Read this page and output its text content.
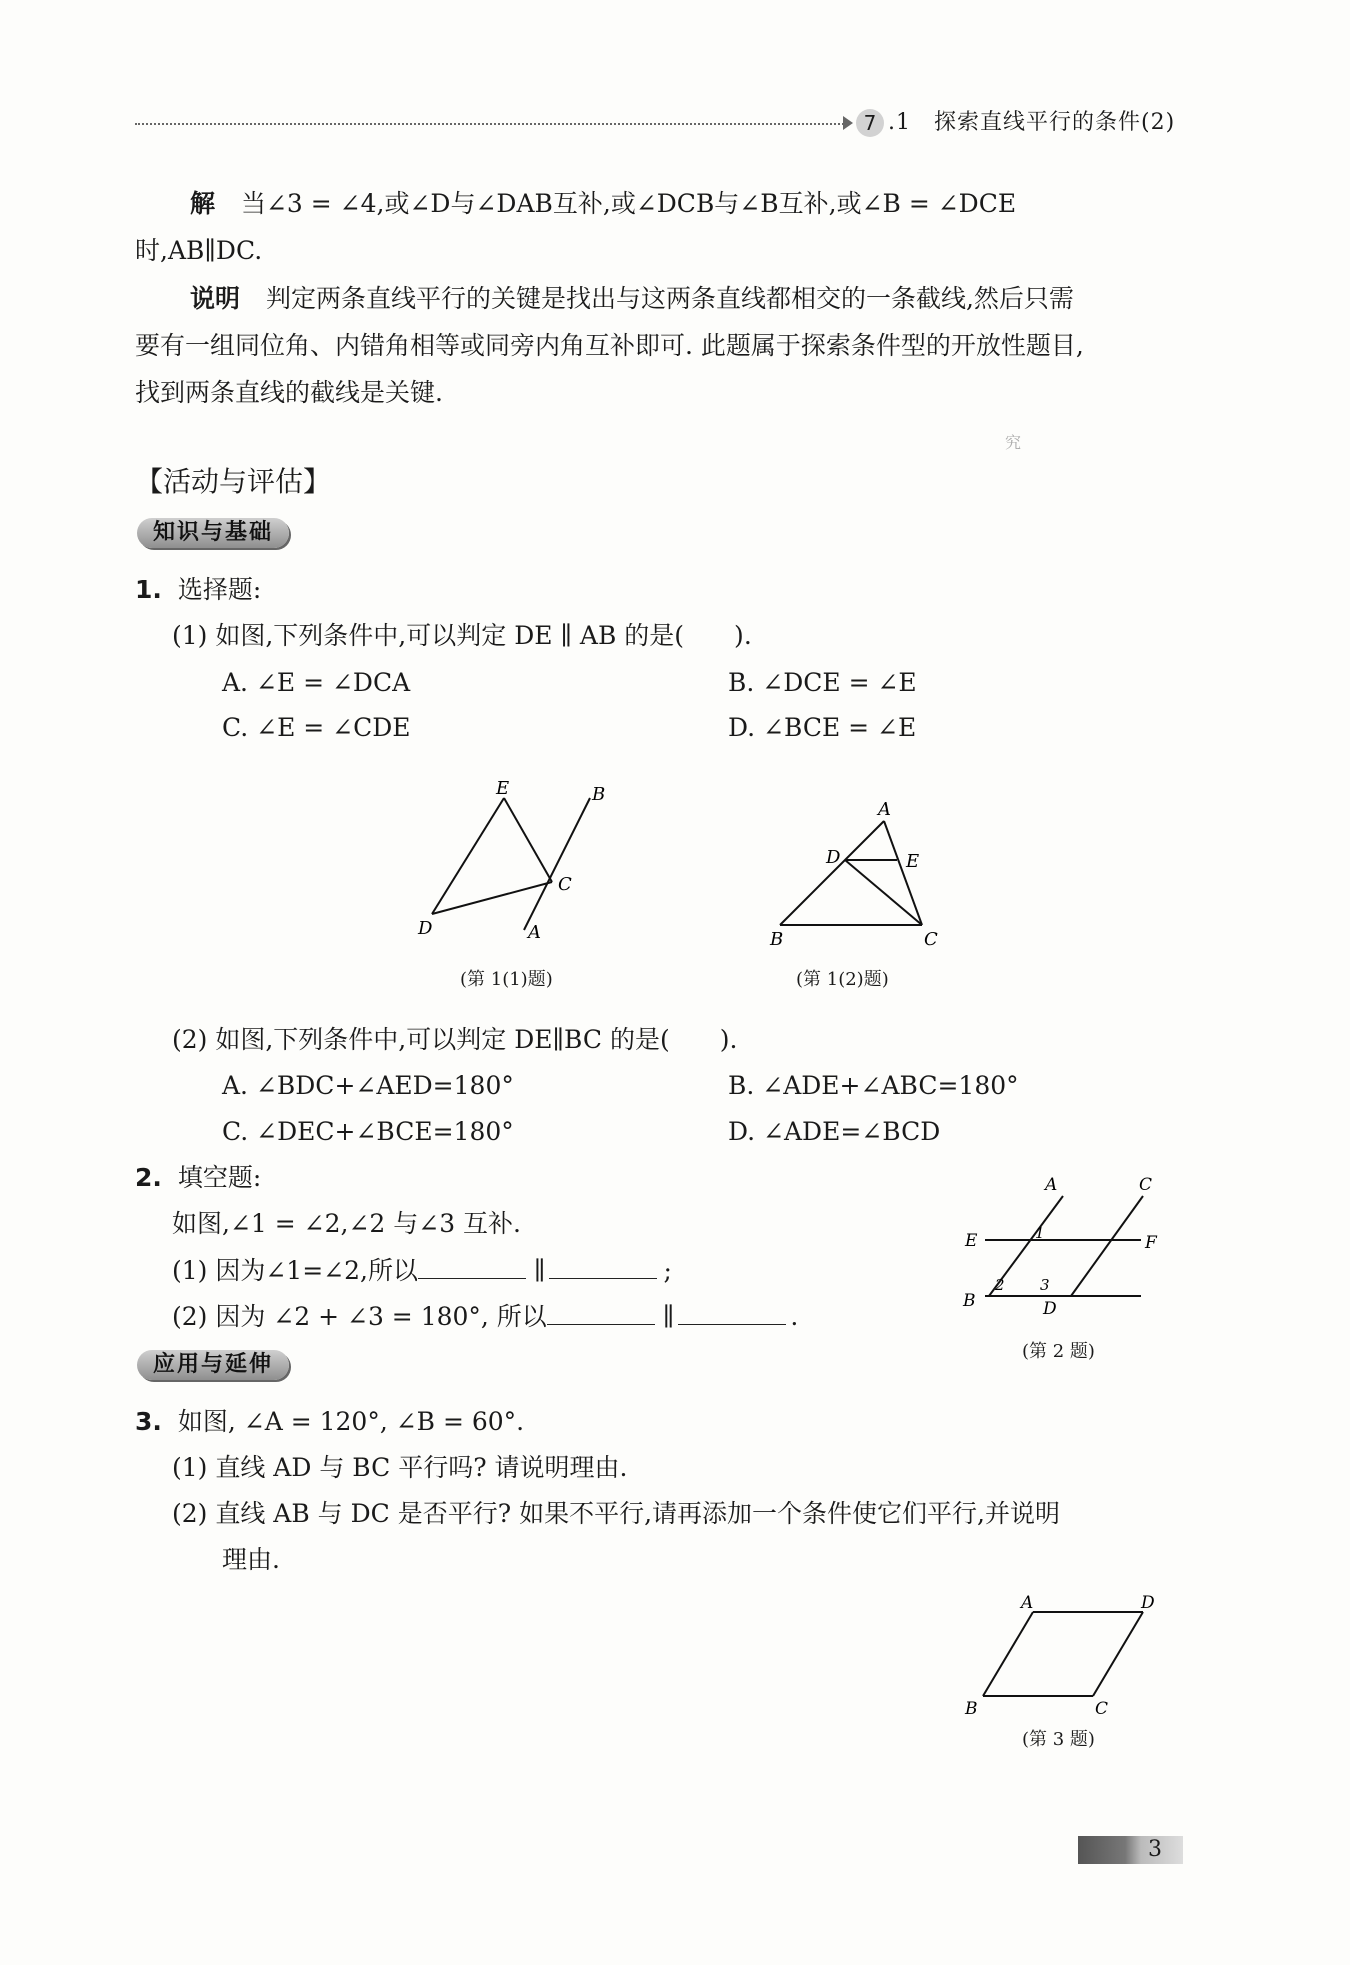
7 .1　探索直线平行的条件(2)
解 当∠3 = ∠4,或∠D与∠DAB互补,或∠DCB与∠B互补,或∠B = ∠DCE
时,AB∥DC.
说明 判定两条直线平行的关键是找出与这两条直线都相交的一条截线,然后只需
要有一组同位角、内错角相等或同旁内角互补即可. 此题属于探索条件型的开放性题目,
找到两条直线的截线是关键.
究
【活动与评估】
知识与基础
1. 选择题:
(1) 如图,下列条件中,可以判定 DE ∥ AB 的是(　　).
A. ∠E = ∠DCA	B. ∠DCE = ∠E
C. ∠E = ∠CDE	D. ∠BCE = ∠E
E	B
C
D	A
(第 1(1)题)
A
D	E
B	C
(第 1(2)题)
(2) 如图,下列条件中,可以判定 DE∥BC 的是(　　).
A. ∠BDC+∠AED=180°	B. ∠ADE+∠ABC=180°
C. ∠DEC+∠BCE=180°	D. ∠ADE=∠BCD
2. 填空题:
如图,∠1 = ∠2,∠2 与∠3 互补.
(1) 因为∠1=∠2,所以	∥	;
(2) 因为 ∠2 + ∠3 = 180°, 所以	∥	.
A	C
E	F
B	D
1
2 3
(第 2 题)
应用与延伸
3. 如图, ∠A = 120°, ∠B = 60°.
(1) 直线 AD 与 BC 平行吗? 请说明理由.
(2) 直线 AB 与 DC 是否平行? 如果不平行,请再添加一个条件使它们平行,并说明
理由.
A	D
B	C
(第 3 题)
3
